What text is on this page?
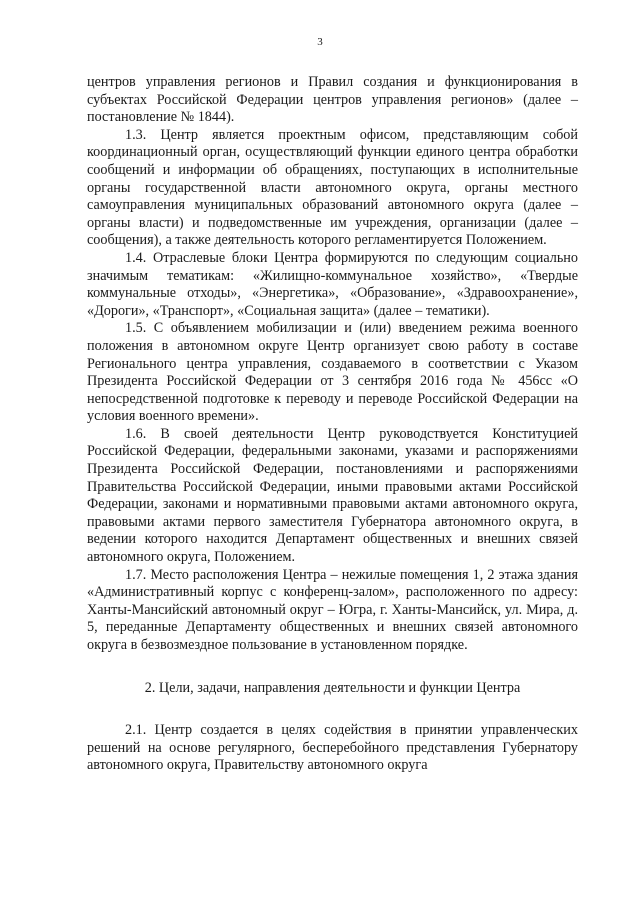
3

центров управления регионов и Правил создания и функционирования в субъектах Российской Федерации центров управления регионов» (далее – постановление № 1844).

1.3. Центр является проектным офисом, представляющим собой координационный орган, осуществляющий функции единого центра обработки сообщений и информации об обращениях, поступающих в исполнительные органы государственной власти автономного округа, органы местного самоуправления муниципальных образований автономного округа (далее – органы власти) и подведомственные им учреждения, организации (далее – сообщения), а также деятельность которого регламентируется Положением.

1.4. Отраслевые блоки Центра формируются по следующим социально значимым тематикам: «Жилищно-коммунальное хозяйство», «Твердые коммунальные отходы», «Энергетика», «Образование», «Здравоохранение», «Дороги», «Транспорт», «Социальная защита» (далее – тематики).

1.5. С объявлением мобилизации и (или) введением режима военного положения в автономном округе Центр организует свою работу в составе Регионального центра управления, создаваемого в соответствии с Указом Президента Российской Федерации от 3 сентября 2016 года № 456сс «О непосредственной подготовке к переводу и переводе Российской Федерации на условия военного времени».

1.6. В своей деятельности Центр руководствуется Конституцией Российской Федерации, федеральными законами, указами и распоряжениями Президента Российской Федерации, постановлениями и распоряжениями Правительства Российской Федерации, иными правовыми актами Российской Федерации, законами и нормативными правовыми актами автономного округа, правовыми актами первого заместителя Губернатора автономного округа, в ведении которого находится Департамент общественных и внешних связей автономного округа, Положением.

1.7. Место расположения Центра – нежилые помещения 1, 2 этажа здания «Административный корпус с конференц-залом», расположенного по адресу: Ханты-Мансийский автономный округ – Югра, г. Ханты-Мансийск, ул. Мира, д. 5, переданные Департаменту общественных и внешних связей автономного округа в безвозмездное пользование в установленном порядке.

2. Цели, задачи, направления деятельности и функции Центра

2.1. Центр создается в целях содействия в принятии управленческих решений на основе регулярного, бесперебойного представления Губернатору автономного округа, Правительству автономного округа
